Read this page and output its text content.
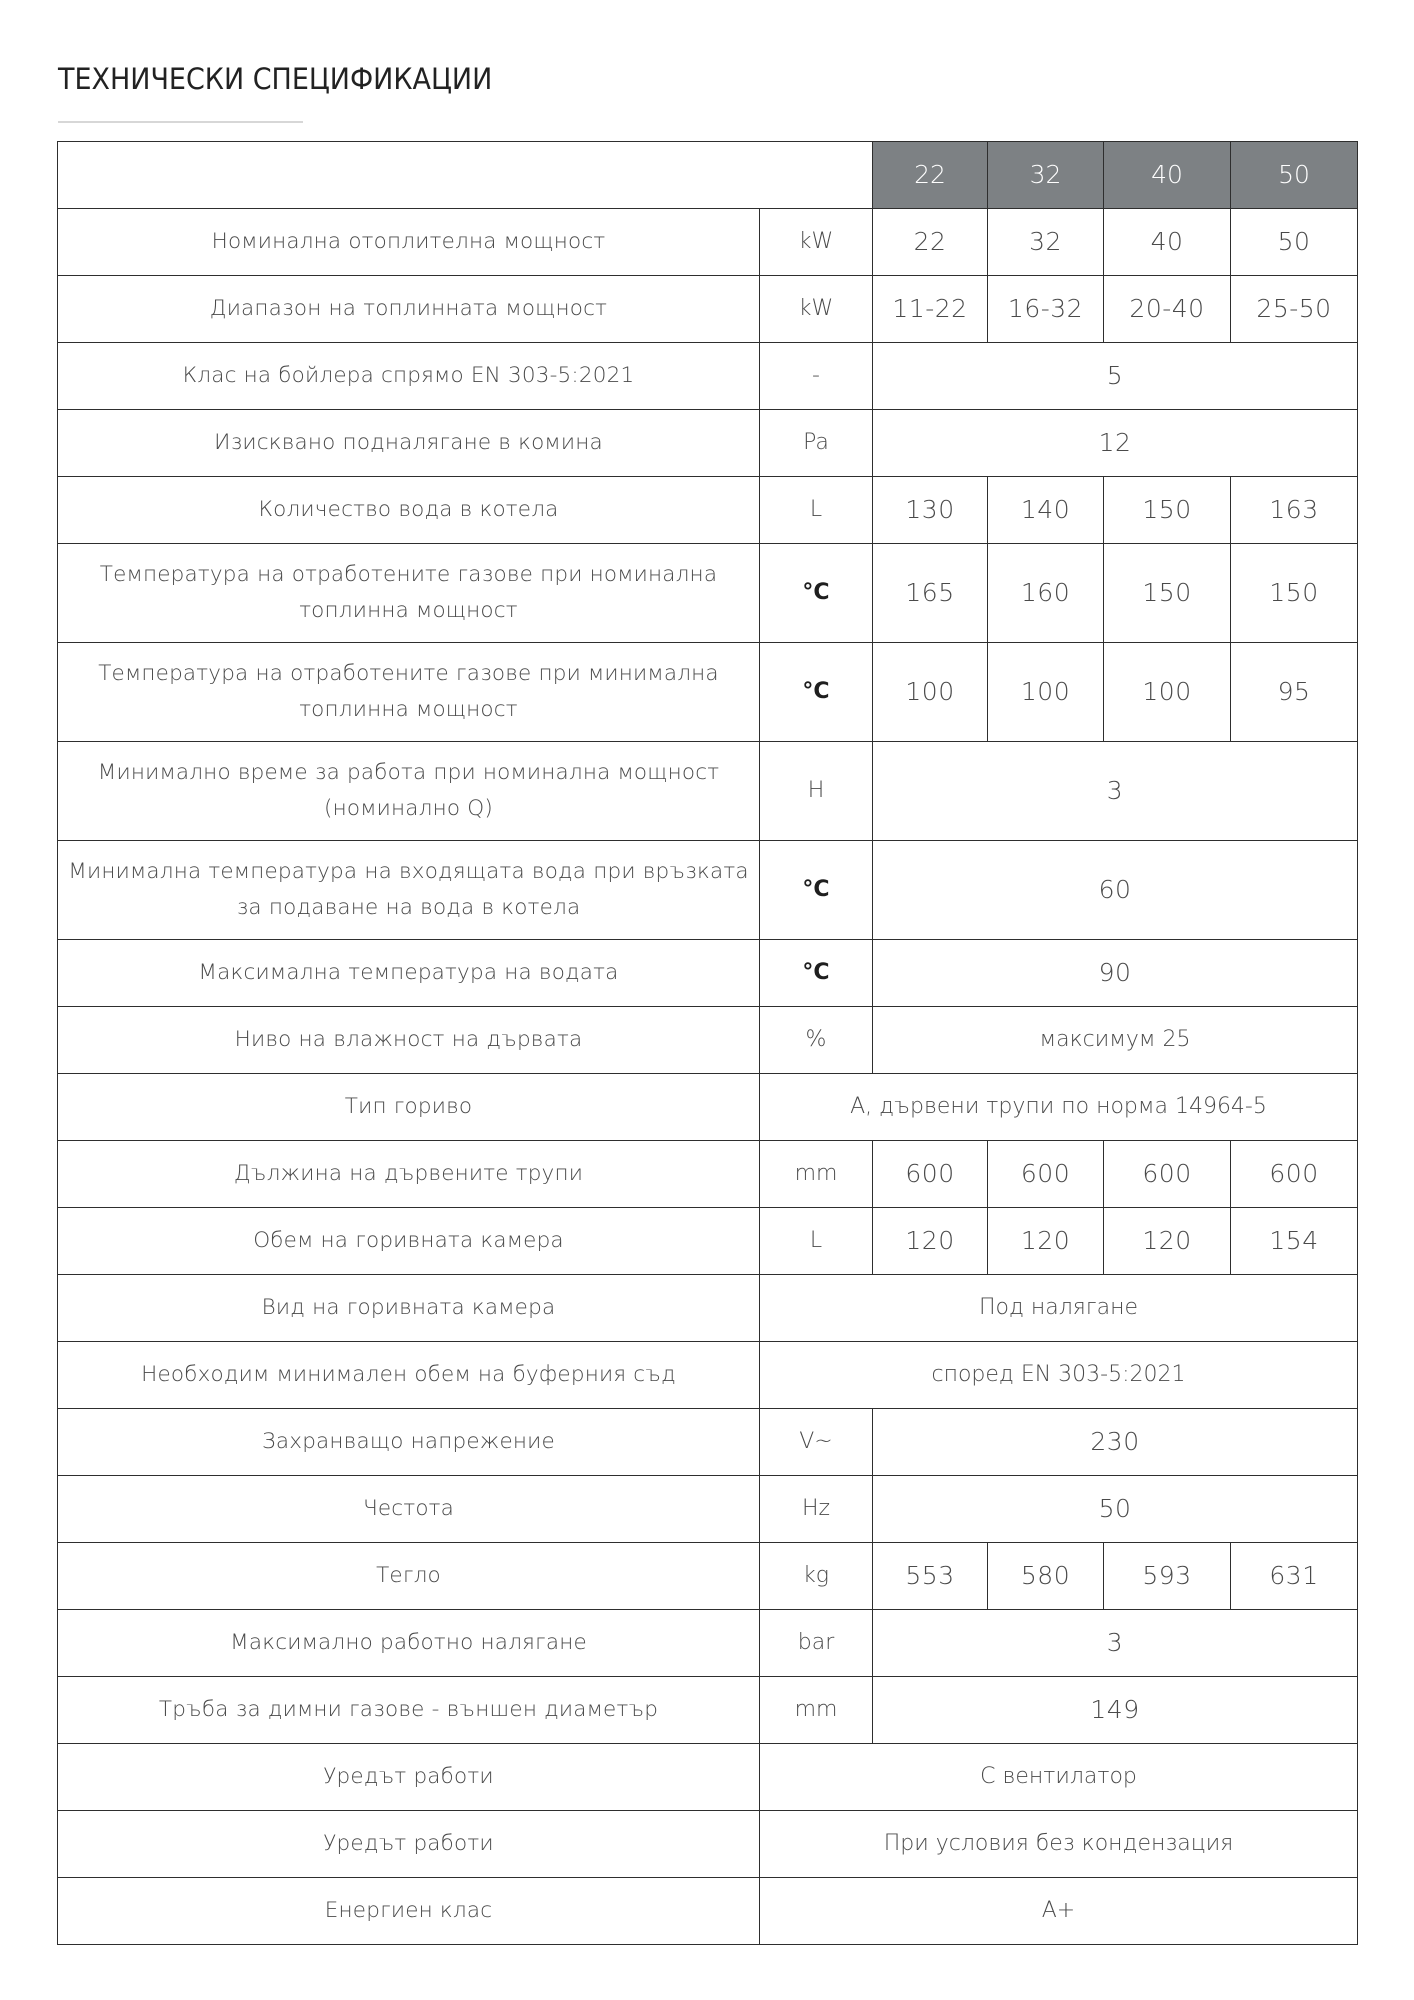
ТЕХНИЧЕСКИ СПЕЦИФИКАЦИИ
		22	32	40	50
Номинална отоплителна мощност	kW	22	32	40	50
Диапазон на топлинната мощност	kW	11-22	16-32	20-40	25-50
Клас на бойлера спрямо EN 303-5:2021	-	5			
Изисквано подналягане в комина	Pa	12			
Количество вода в котела	L	130	140	150	163
Температура на отработените газове при номинална топлинна мощност	°C	165	160	150	150
Температура на отработените газове при минимална топлинна мощност	°C	100	100	100	95
Минимално време за работа при номинална мощност (номинално Q)	H	3			
Минимална температура на входящата вода при връзката за подаване на вода в котела	°C	60			
Максимална температура на водата	°C	90			
Ниво на влажност на дървата	%	максимум 25			
Тип гориво	A, дървени трупи по норма 14964-5				
Дължина на дървените трупи	mm	600	600	600	600
Обем на горивната камера	L	120	120	120	154
Вид на горивната камера	Под налягане				
Необходим минимален обем на буферния съд	според EN 303-5:2021				
Захранващо напрежение	V~	230			
Честота	Hz	50			
Тегло	kg	553	580	593	631
Максимално работно налягане	bar	3			
Тръба за димни газове - външен диаметър	mm	149			
Уредът работи	С вентилатор				
Уредът работи	При условия без кондензация				
Енергиен клас	A+				
